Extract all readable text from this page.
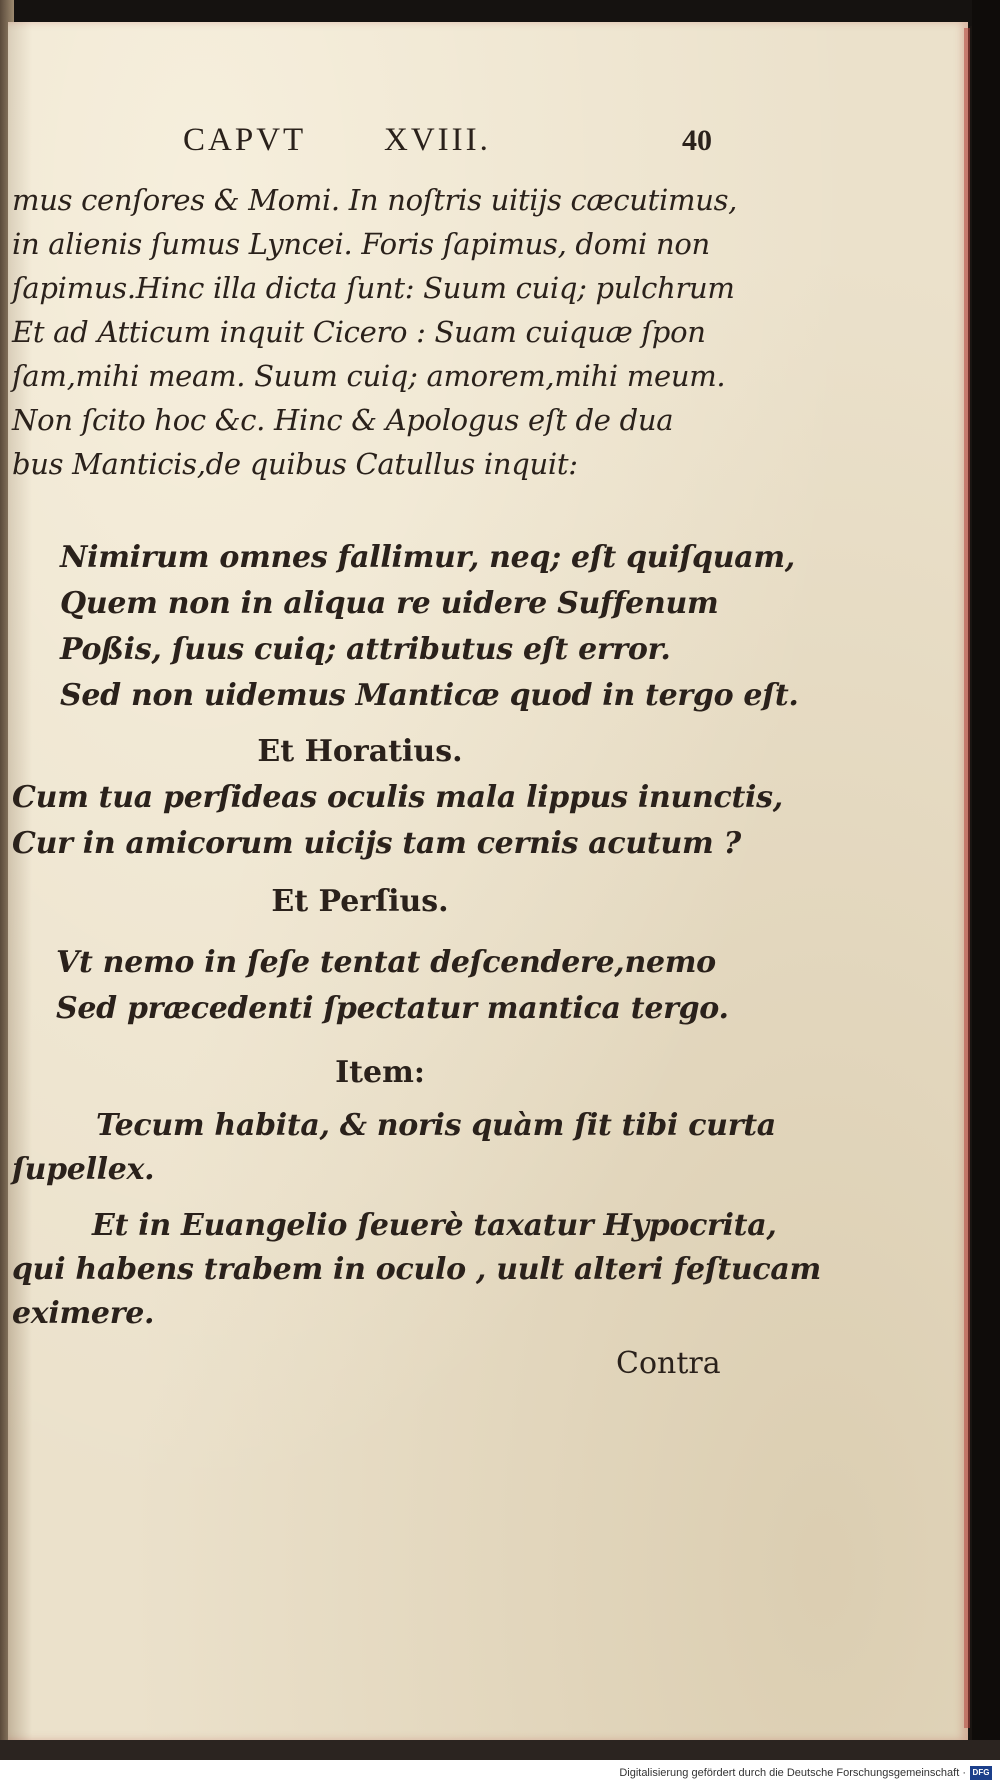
CAPVT XVIII.	40
mus cenſores & Momi. In noſtris uitijs cæcutimus,
in alienis ſumus Lyncei. Foris ſapimus, domi non
ſapimus.Hinc illa dicta ſunt: Suum cuiq; pulchrum
Et ad Atticum inquit Cicero : Suam cuiquæ ſpon
ſam,mihi meam. Suum cuiq; amorem,mihi meum.
Non ſcito hoc &c. Hinc & Apologus eſt de dua
bus Manticis,de quibus Catullus inquit:
Nimirum omnes fallimur, neq; eſt quiſquam,
Quem non in aliqua re uidere Suffenum
Poßis, ſuus cuiq; attributus eſt error.
Sed non uidemus Manticæ quod in tergo eſt.
Et Horatius.
Cum tua perſideas oculis mala lippus inunctis,
Cur in amicorum uicijs tam cernis acutum ?
Et Perſius.
Vt nemo in ſeſe tentat deſcendere,nemo
Sed præcedenti ſpectatur mantica tergo.
Item:
Tecum habita, & noris quàm ſit tibi curta
ſupellex.
Et in Euangelio ſeuerè taxatur Hypocrita,
qui habens trabem in oculo , uult alteri feſtucam
eximere.
Contra
Digitalisierung gefördert durch die Deutsche Forschungsgemeinschaft · DFG
